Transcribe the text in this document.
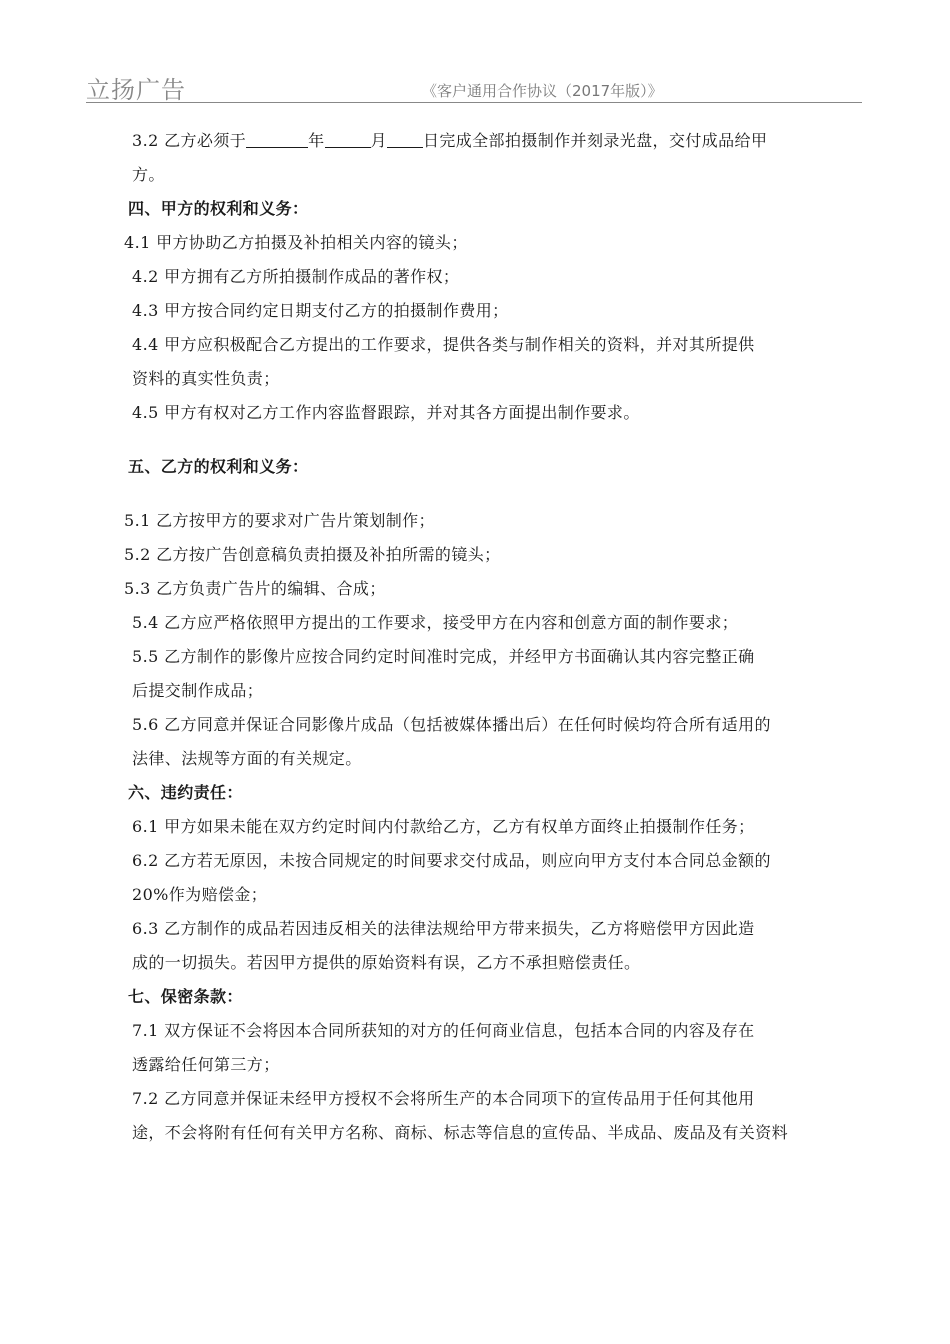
立扬广告	《客户通用合作协议（2017年版）》
3.2 乙方必须于	年	月 日完成全部拍摄制作并刻录光盘，交付成品给甲
方。
四、甲方的权利和义务：
4.1 甲方协助乙方拍摄及补拍相关内容的镜头；
4.2 甲方拥有乙方所拍摄制作成品的著作权；
4.3 甲方按合同约定日期支付乙方的拍摄制作费用；
4.4 甲方应积极配合乙方提出的工作要求，提供各类与制作相关的资料，并对其所提供
资料的真实性负责；
4.5 甲方有权对乙方工作内容监督跟踪，并对其各方面提出制作要求。
五、乙方的权利和义务：
5.1 乙方按甲方的要求对广告片策划制作；
5.2 乙方按广告创意稿负责拍摄及补拍所需的镜头；
5.3 乙方负责广告片的编辑、合成；
5.4 乙方应严格依照甲方提出的工作要求，接受甲方在内容和创意方面的制作要求；
5.5 乙方制作的影像片应按合同约定时间准时完成，并经甲方书面确认其内容完整正确
后提交制作成品；
5.6 乙方同意并保证合同影像片成品（包括被媒体播出后）在任何时候均符合所有适用的
法律、法规等方面的有关规定。
六、违约责任：
6.1 甲方如果未能在双方约定时间内付款给乙方，乙方有权单方面终止拍摄制作任务；
6.2 乙方若无原因，未按合同规定的时间要求交付成品，则应向甲方支付本合同总金额的
20%作为赔偿金；
6.3 乙方制作的成品若因违反相关的法律法规给甲方带来损失，乙方将赔偿甲方因此造
成的一切损失。若因甲方提供的原始资料有误，乙方不承担赔偿责任。
七、保密条款：
7.1 双方保证不会将因本合同所获知的对方的任何商业信息，包括本合同的内容及存在
透露给任何第三方；
7.2 乙方同意并保证未经甲方授权不会将所生产的本合同项下的宣传品用于任何其他用
途，不会将附有任何有关甲方名称、商标、标志等信息的宣传品、半成品、废品及有关资料
